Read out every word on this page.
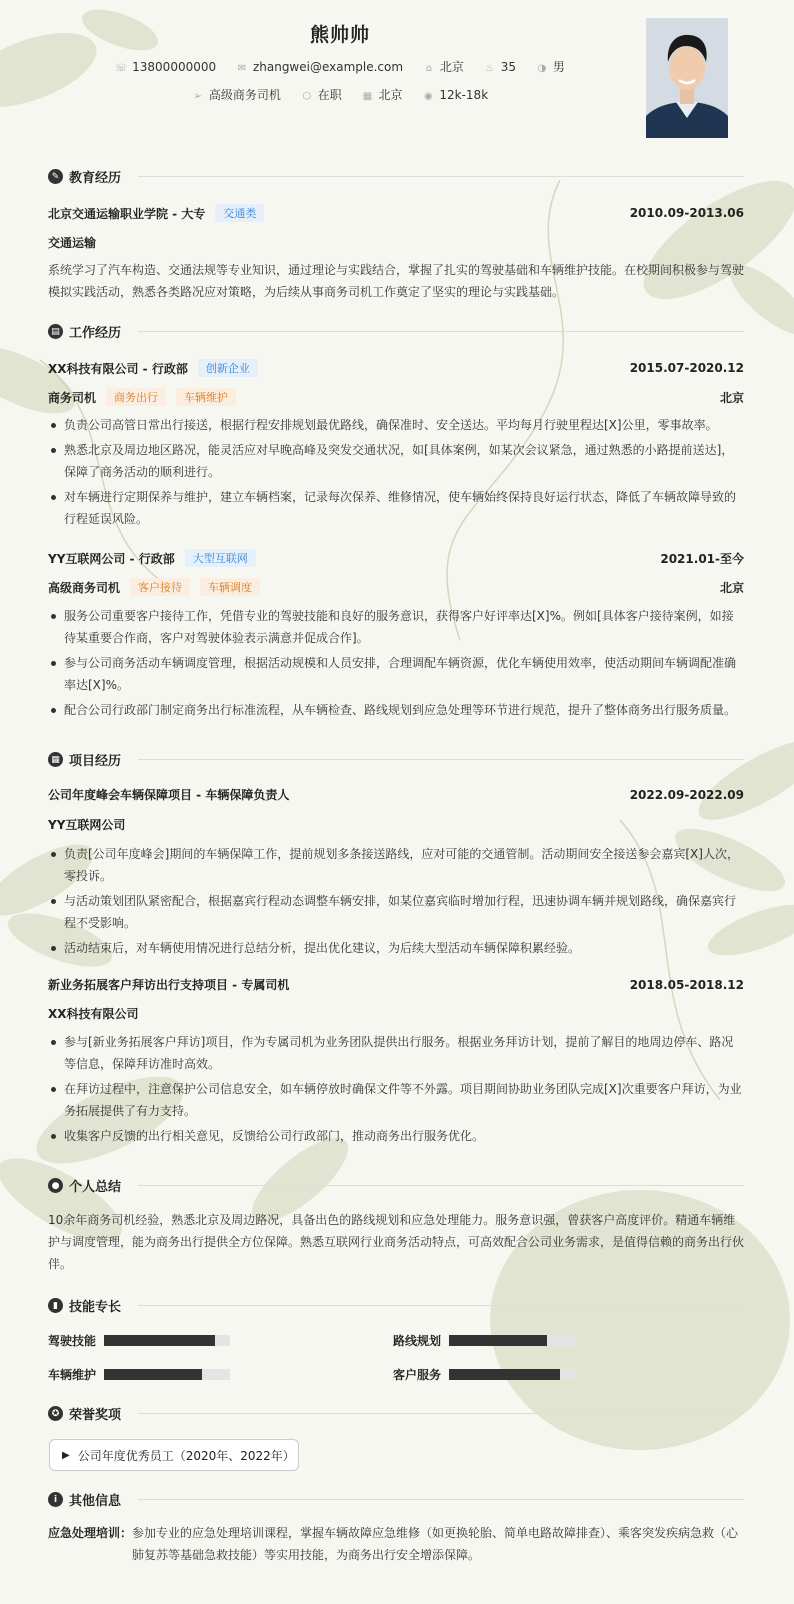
熊帅帅
☏ 13800000000 ✉ zhangwei@example.com ⌂ 北京 ♨ 35 ◑ 男
➢ 高级商务司机 ⬡ 在职 ▦ 北京 ◉ 12k-18k
✎ 教育经历
北京交通运输职业学院 - 大专	交通类	2010.09-2013.06
交通运输
系统学习了汽车构造、交通法规等专业知识，通过理论与实践结合，掌握了扎实的驾驶基础和车辆维护技能。在校期间积极参与驾驶模拟实践活动，熟悉各类路况应对策略，为后续从事商务司机工作奠定了坚实的理论与实践基础。
▤ 工作经历
XX科技有限公司 - 行政部	创新企业	2015.07-2020.12
商务司机	商务出行	车辆维护	北京
负责公司高管日常出行接送，根据行程安排规划最优路线，确保准时、安全送达。平均每月行驶里程达[X]公里，零事故率。
熟悉北京及周边地区路况，能灵活应对早晚高峰及突发交通状况，如[具体案例，如某次会议紧急，通过熟悉的小路提前送达]，保障了商务活动的顺利进行。
对车辆进行定期保养与维护，建立车辆档案，记录每次保养、维修情况，使车辆始终保持良好运行状态，降低了车辆故障导致的行程延误风险。
YY互联网公司 - 行政部	大型互联网	2021.01-至今
高级商务司机	客户接待	车辆调度	北京
服务公司重要客户接待工作，凭借专业的驾驶技能和良好的服务意识，获得客户好评率达[X]%。例如[具体客户接待案例，如接待某重要合作商，客户对驾驶体验表示满意并促成合作]。
参与公司商务活动车辆调度管理，根据活动规模和人员安排，合理调配车辆资源，优化车辆使用效率，使活动期间车辆调配准确率达[X]%。
配合公司行政部门制定商务出行标准流程，从车辆检查、路线规划到应急处理等环节进行规范，提升了整体商务出行服务质量。
▦ 项目经历
公司年度峰会车辆保障项目 - 车辆保障负责人	2022.09-2022.09
YY互联网公司
负责[公司年度峰会]期间的车辆保障工作，提前规划多条接送路线，应对可能的交通管制。活动期间安全接送参会嘉宾[X]人次，零投诉。
与活动策划团队紧密配合，根据嘉宾行程动态调整车辆安排，如某位嘉宾临时增加行程，迅速协调车辆并规划路线，确保嘉宾行程不受影响。
活动结束后，对车辆使用情况进行总结分析，提出优化建议，为后续大型活动车辆保障积累经验。
新业务拓展客户拜访出行支持项目 - 专属司机	2018.05-2018.12
XX科技有限公司
参与[新业务拓展客户拜访]项目，作为专属司机为业务团队提供出行服务。根据业务拜访计划，提前了解目的地周边停车、路况等信息，保障拜访准时高效。
在拜访过程中，注意保护公司信息安全，如车辆停放时确保文件等不外露。项目期间协助业务团队完成[X]次重要客户拜访，为业务拓展提供了有力支持。
收集客户反馈的出行相关意见，反馈给公司行政部门，推动商务出行服务优化。
● 个人总结
10余年商务司机经验，熟悉北京及周边路况，具备出色的路线规划和应急处理能力。服务意识强，曾获客户高度评价。精通车辆维护与调度管理，能为商务出行提供全方位保障。熟悉互联网行业商务活动特点，可高效配合公司业务需求，是值得信赖的商务出行伙伴。
▮ 技能专长
驾驶技能	路线规划
车辆维护	客户服务
✪ 荣誉奖项
▶ 公司年度优秀员工（2020年、2022年）
i 其他信息
应急处理培训： 参加专业的应急处理培训课程，掌握车辆故障应急维修（如更换轮胎、简单电路故障排查）、乘客突发疾病急救（心肺复苏等基础急救技能）等实用技能，为商务出行安全增添保障。
